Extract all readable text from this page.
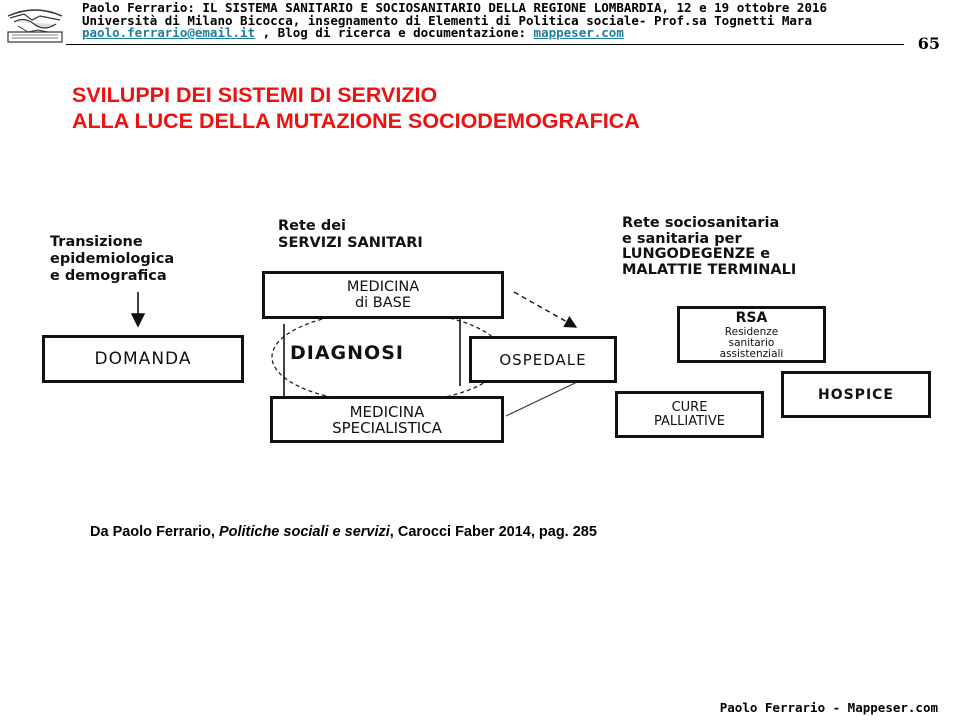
Paolo Ferrario: IL SISTEMA SANITARIO E SOCIOSANITARIO DELLA REGIONE LOMBARDIA, 12 e 19 ottobre 2016
Università di Milano Bicocca, insegnamento di Elementi di Politica sociale- Prof.sa Tognetti Mara
paolo.ferrario@email.it , Blog di ricerca e documentazione: mappeser.com
65
SVILUPPI DEI SISTEMI DI SERVIZIO
ALLA LUCE DELLA MUTAZIONE SOCIODEMOGRAFICA
Transizione
epidemiologica
e demografica
Rete dei
SERVIZI SANITARI
Rete sociosanitaria
e sanitaria per
LUNGODEGENZE e
MALATTIE TERMINALI
DOMANDA
MEDICINA
di BASE
DIAGNOSI	OSPEDALE
MEDICINA
SPECIALISTICA
RSA
Residenze
sanitario
assistenziali
HOSPICE
CURE
PALLIATIVE
Da Paolo Ferrario, Politiche sociali e servizi, Carocci Faber 2014, pag. 285
Paolo Ferrario - Mappeser.com
